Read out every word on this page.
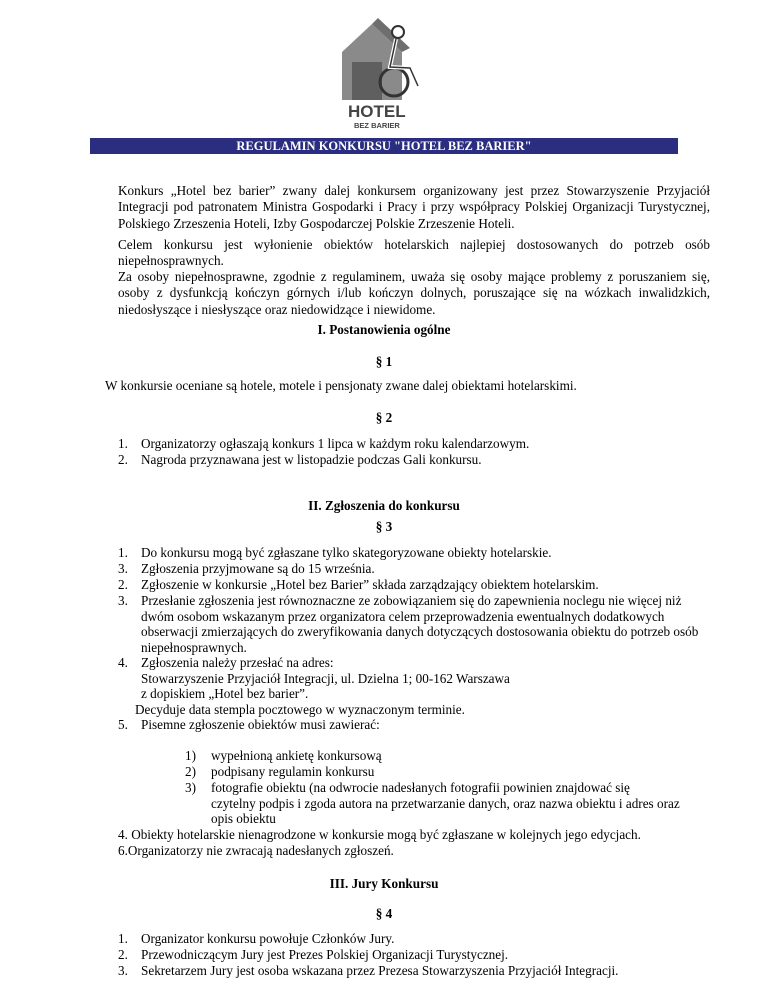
HOTEL
BEZ BARIER
REGULAMIN KONKURSU "HOTEL BEZ BARIER"
Konkurs „Hotel bez barier” zwany dalej konkursem organizowany jest przez Stowarzyszenie Przyjaciół Integracji pod patronatem Ministra Gospodarki i Pracy i przy współpracy Polskiej Organizacji Turystycznej, Polskiego Zrzeszenia Hoteli, Izby Gospodarczej Polskie Zrzeszenie Hoteli.
Celem konkursu jest wyłonienie obiektów hotelarskich najlepiej dostosowanych do potrzeb osób niepełnosprawnych.
Za osoby niepełnosprawne, zgodnie z regulaminem, uważa się osoby mające problemy z poruszaniem się, osoby z dysfunkcją kończyn górnych i/lub kończyn dolnych, poruszające się na wózkach inwalidzkich, niedosłyszące i niesłyszące oraz niedowidzące i niewidome.
I. Postanowienia ogólne
§ 1
W konkursie oceniane są hotele, motele i pensjonaty zwane dalej obiektami hotelarskimi.
§ 2
1. Organizatorzy ogłaszają konkurs 1 lipca w każdym roku kalendarzowym.
2. Nagroda przyznawana jest w listopadzie podczas Gali konkursu.
II. Zgłoszenia do konkursu
§ 3
1. Do konkursu mogą być zgłaszane tylko skategoryzowane obiekty hotelarskie.
3. Zgłoszenia przyjmowane są do 15 września.
2. Zgłoszenie w konkursie „Hotel bez Barier” składa zarządzający obiektem hotelarskim.
3. Przesłanie zgłoszenia jest równoznaczne ze zobowiązaniem się do zapewnienia noclegu nie więcej niż
dwóm osobom wskazanym przez organizatora celem przeprowadzenia ewentualnych dodatkowych
obserwacji zmierzających do zweryfikowania danych dotyczących dostosowania obiektu do potrzeb osób
niepełnosprawnych.
4. Zgłoszenia należy przesłać na adres:
Stowarzyszenie Przyjaciół Integracji, ul. Dzielna 1; 00-162 Warszawa
z dopiskiem „Hotel bez barier”.
Decyduje data stempla pocztowego w wyznaczonym terminie.
5. Pisemne zgłoszenie obiektów musi zawierać:
1)	wypełnioną ankietę konkursową
2)	podpisany regulamin konkursu
3)	fotografie obiektu (na odwrocie nadesłanych fotografii powinien znajdować się
czytelny podpis i zgoda autora na przetwarzanie danych, oraz nazwa obiektu i adres oraz
opis obiektu
4. Obiekty hotelarskie nienagrodzone w konkursie mogą być zgłaszane w kolejnych jego edycjach.
6.Organizatorzy nie zwracają nadesłanych zgłoszeń.
III. Jury Konkursu
§ 4
1. Organizator konkursu powołuje Członków Jury.
2. Przewodniczącym Jury jest Prezes Polskiej Organizacji Turystycznej.
3. Sekretarzem Jury jest osoba wskazana przez Prezesa Stowarzyszenia Przyjaciół Integracji.
